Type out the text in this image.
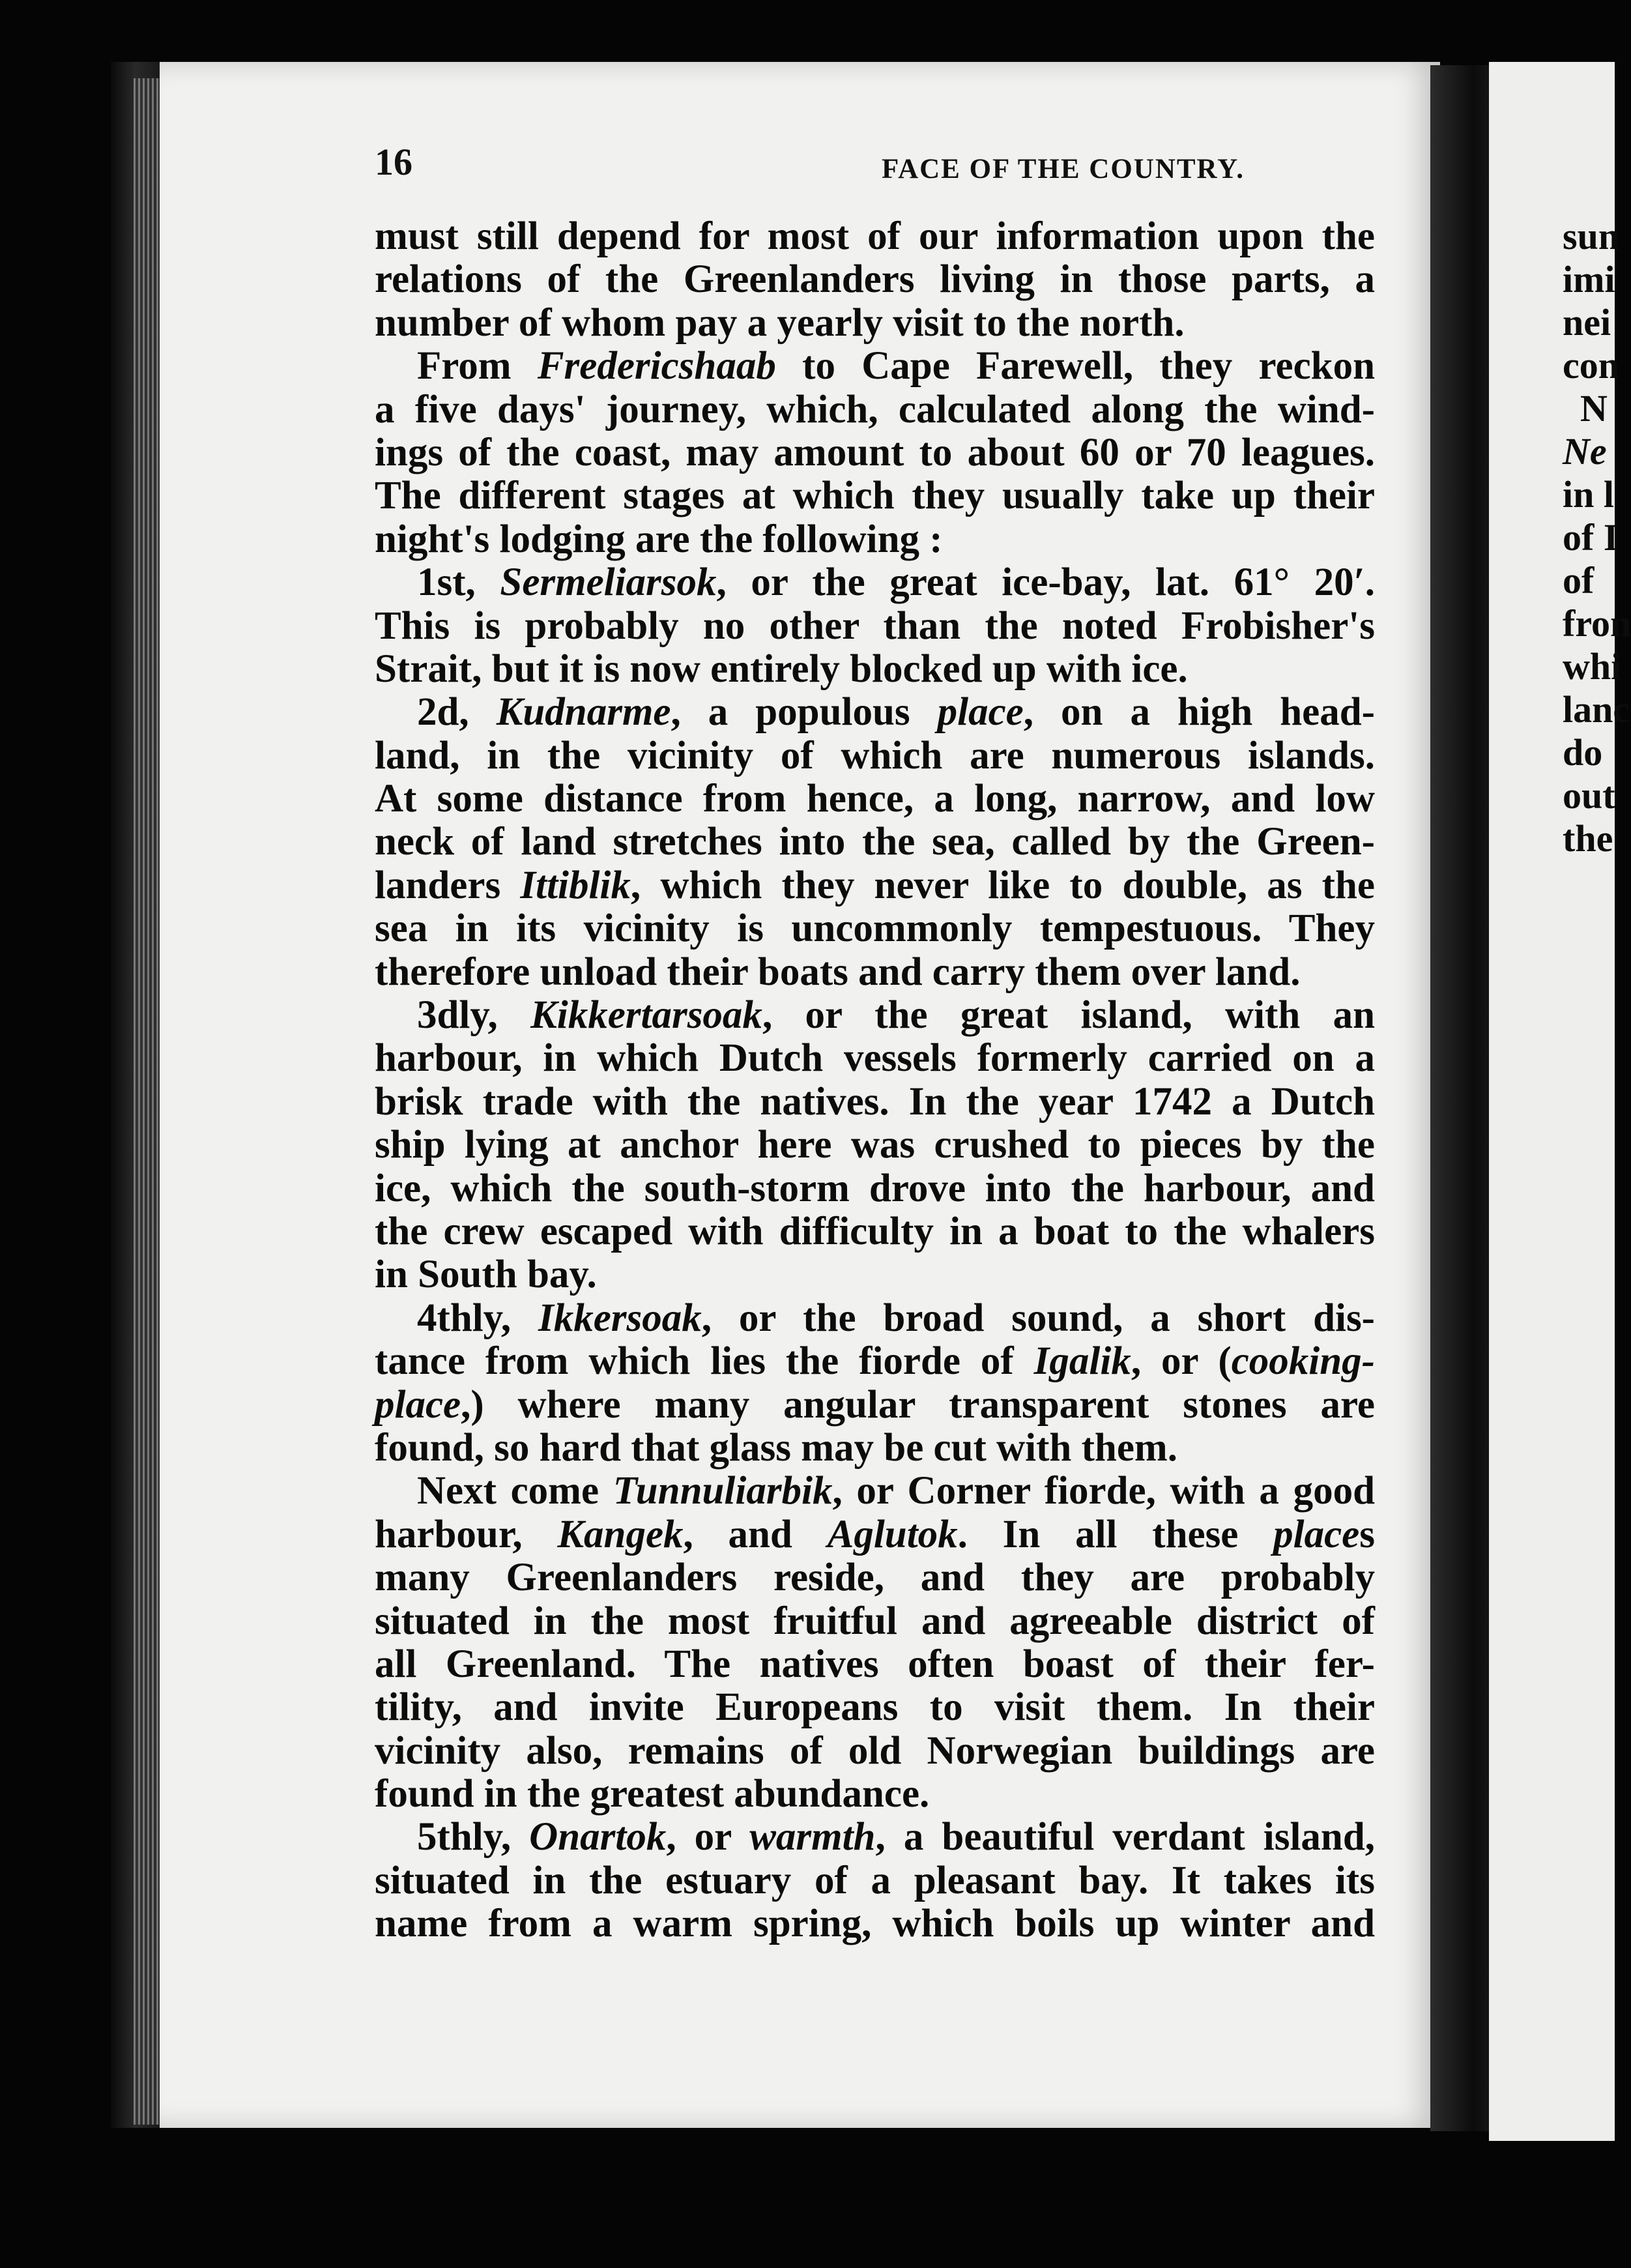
16	FACE OF THE COUNTRY.
must still depend for most of our information upon the
relations of the Greenlanders living in those parts, a
number of whom pay a yearly visit to the north.
From Fredericshaab to Cape Farewell, they reckon
a five days' journey, which, calculated along the wind-
ings of the coast, may amount to about 60 or 70 leagues.
The different stages at which they usually take up their
night's lodging are the following :
1st, Sermeliarsok, or the great ice-bay, lat. 61° 20′.
This is probably no other than the noted Frobisher's
Strait, but it is now entirely blocked up with ice.
2d, Kudnarme, a populous place, on a high head-
land, in the vicinity of which are numerous islands.
At some distance from hence, a long, narrow, and low
neck of land stretches into the sea, called by the Green-
landers Ittiblik, which they never like to double, as the
sea in its vicinity is uncommonly tempestuous. They
therefore unload their boats and carry them over land.
3dly, Kikkertarsoak, or the great island, with an
harbour, in which Dutch vessels formerly carried on a
brisk trade with the natives. In the year 1742 a Dutch
ship lying at anchor here was crushed to pieces by the
ice, which the south-storm drove into the harbour, and
the crew escaped with difficulty in a boat to the whalers
in South bay.
4thly, Ikkersoak, or the broad sound, a short dis-
tance from which lies the fiorde of Igalik, or (cooking-
place,) where many angular transparent stones are
found, so hard that glass may be cut with them.
Next come Tunnuliarbik, or Corner fiorde, with a good
harbour, Kangek, and Aglutok. In all these places
many Greenlanders reside, and they are probably
situated in the most fruitful and agreeable district of
all Greenland. The natives often boast of their fer-
tility, and invite Europeans to visit them. In their
vicinity also, remains of old Norwegian buildings are
found in the greatest abundance.
5thly, Onartok, or warmth, a beautiful verdant island,
situated in the estuary of a pleasant bay. It takes its
name from a warm spring, which boils up winter and
sun
imi
nei
con
N
Ne
in l
of I
of
fron
whi
lanc
do
out
the
